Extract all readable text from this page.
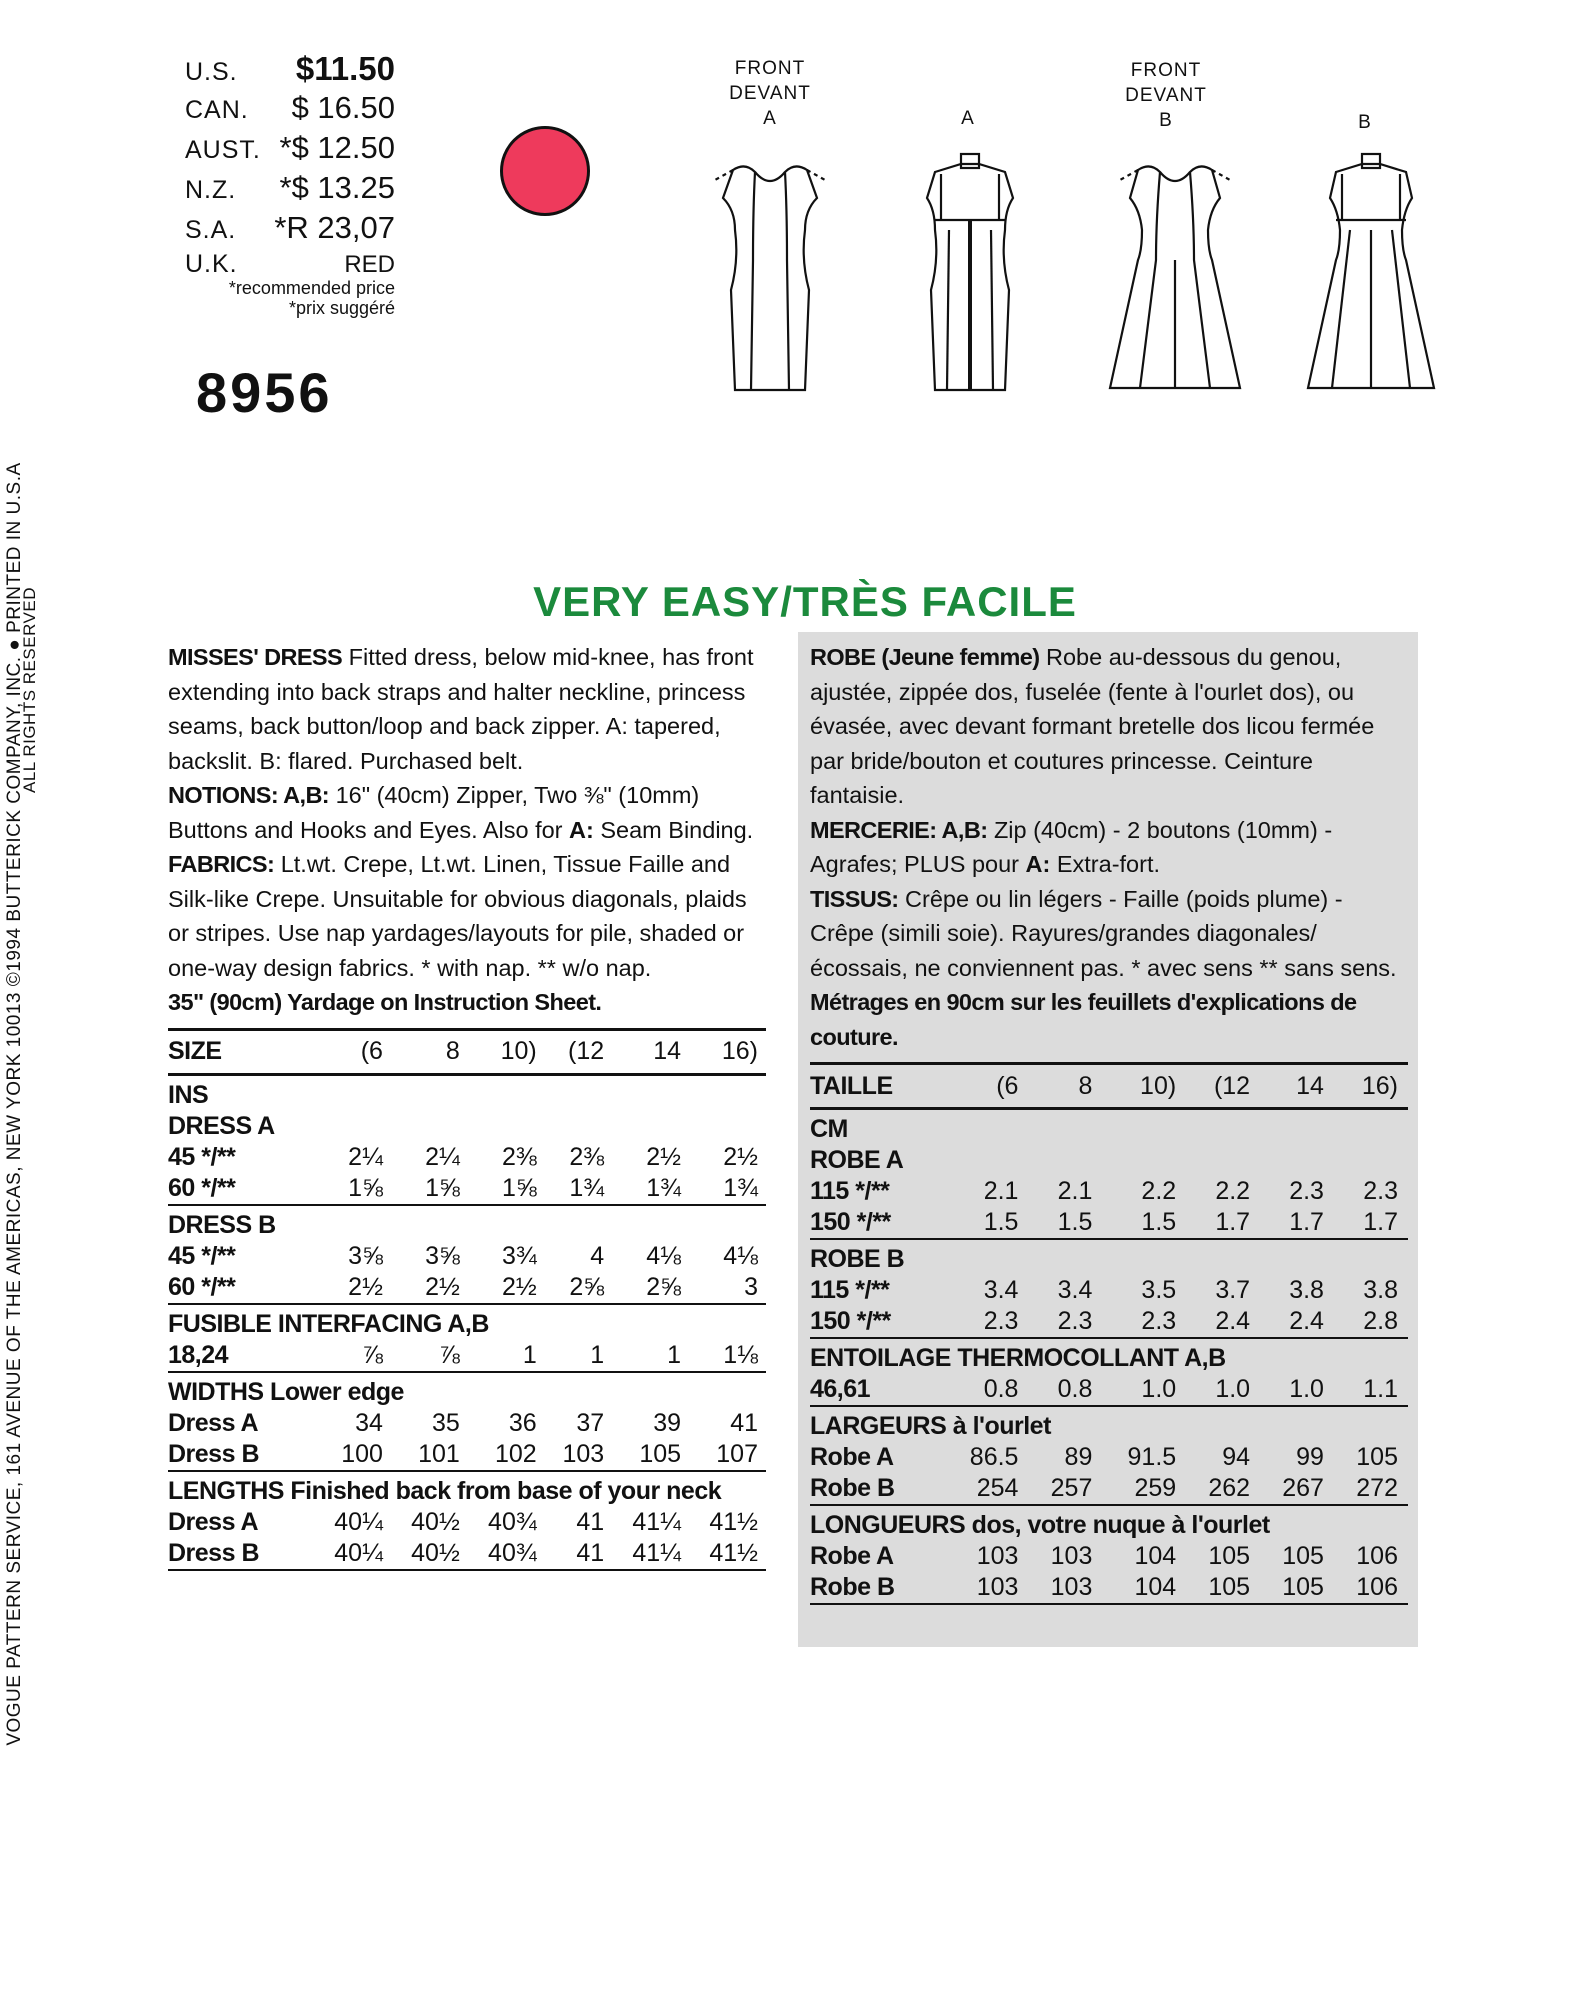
VOGUE PATTERN SERVICE, 161 AVENUE OF THE AMERICAS, NEW YORK 10013 ©1994 BUTTERICK COMPANY, INC. ● PRINTED IN U.S.A
ALL RIGHTS RESERVED
U.S. $11.50
CAN. $ 16.50
AUST. *$ 12.50
N.Z. *$ 13.25
S.A. *R 23,07
U.K.	RED
*recommended price
*prix suggéré
8956
FRONT
DEVANT
A	A
FRONT
DEVANT
B	B
VERY EASY/TRÈS FACILE

MISSES' DRESS Fitted dress, below mid-knee, has front extending into back straps and halter neckline, princess seams, back button/loop and back zipper. A: tapered, backslit. B: flared. Purchased belt.

NOTIONS: A,B: 16" (40cm) Zipper, Two ⅜" (10mm) Buttons and Hooks and Eyes. Also for A: Seam Binding.

FABRICS: Lt.wt. Crepe, Lt.wt. Linen, Tissue Faille and Silk-like Crepe. Unsuitable for obvious diagonals, plaids or stripes. Use nap yardages/layouts for pile, shaded or one-way design fabrics. * with nap. ** w/o nap.

35" (90cm) Yardage on Instruction Sheet.

SIZE	(6	8	10)	(12	14	16)
INS						
DRESS A						
45 */**	2¼	2¼	2⅜	2⅜	2½	2½
60 */**	1⅝	1⅝	1⅝	1¾	1¾	1¾
DRESS B						
45 */**	3⅝	3⅝	3¾	4	4⅛	4⅛
60 */**	2½	2½	2½	2⅝	2⅝	3
FUSIBLE INTERFACING A,B						
18,24	⅞	⅞	1	1	1	1⅛
WIDTHS Lower edge						
Dress A	34	35	36	37	39	41
Dress B	100	101	102	103	105	107
LENGTHS Finished back from base of your neck						
Dress A	40¼	40½	40¾	41	41¼	41½
Dress B	40¼	40½	40¾	41	41¼	41½

ROBE (Jeune femme) Robe au-dessous du genou, ajustée, zippée dos, fuselée (fente à l'ourlet dos), ou évasée, avec devant formant bretelle dos licou fermée par bride/bouton et coutures princesse. Ceinture fantaisie.

MERCERIE: A,B: Zip (40cm) - 2 boutons (10mm) - Agrafes; PLUS pour A: Extra-fort.

TISSUS: Crêpe ou lin légers - Faille (poids plume) - Crêpe (simili soie). Rayures/grandes diagonales/ écossais, ne conviennent pas. * avec sens ** sans sens.

Métrages en 90cm sur les feuillets d'explications de couture.

TAILLE	(6	8	10)	(12	14	16)
CM						
ROBE A						
115 */**	2.1	2.1	2.2	2.2	2.3	2.3
150 */**	1.5	1.5	1.5	1.7	1.7	1.7
ROBE B						
115 */**	3.4	3.4	3.5	3.7	3.8	3.8
150 */**	2.3	2.3	2.3	2.4	2.4	2.8
ENTOILAGE THERMOCOLLANT A,B						
46,61	0.8	0.8	1.0	1.0	1.0	1.1
LARGEURS à l'ourlet						
Robe A	86.5	89	91.5	94	99	105
Robe B	254	257	259	262	267	272
LONGUEURS dos, votre nuque à l'ourlet						
Robe A	103	103	104	105	105	106
Robe B	103	103	104	105	105	106
